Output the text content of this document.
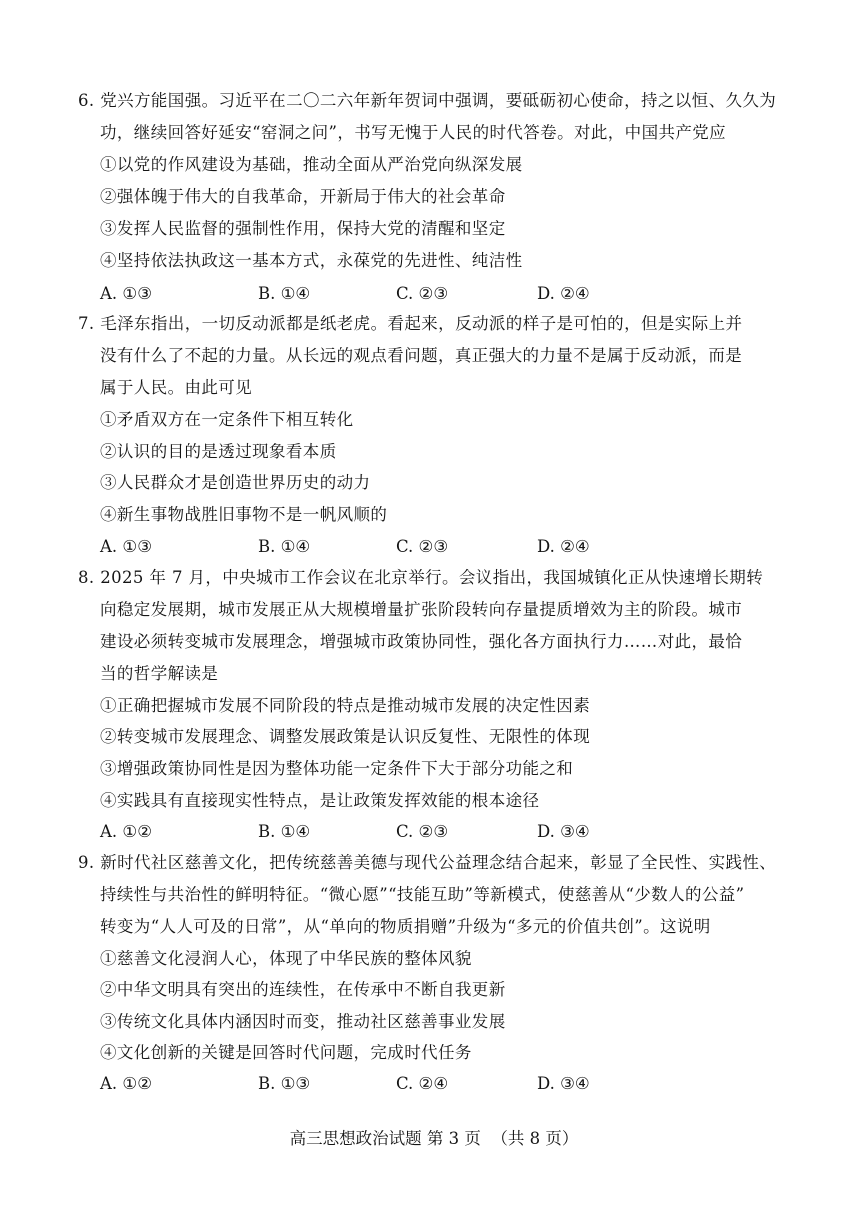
6. 党兴方能国强。习近平在二〇二六年新年贺词中强调，要砥砺初心使命，持之以恒、久久为
功，继续回答好延安“窑洞之问”，书写无愧于人民的时代答卷。对此，中国共产党应
①以党的作风建设为基础，推动全面从严治党向纵深发展
②强体魄于伟大的自我革命，开新局于伟大的社会革命
③发挥人民监督的强制性作用，保持大党的清醒和坚定
④坚持依法执政这一基本方式，永葆党的先进性、纯洁性
A. ①③	B. ①④	C. ②③	D. ②④
7. 毛泽东指出，一切反动派都是纸老虎。看起来，反动派的样子是可怕的，但是实际上并
没有什么了不起的力量。从长远的观点看问题，真正强大的力量不是属于反动派，而是
属于人民。由此可见
①矛盾双方在一定条件下相互转化
②认识的目的是透过现象看本质
③人民群众才是创造世界历史的动力
④新生事物战胜旧事物不是一帆风顺的
A. ①③	B. ①④	C. ②③	D. ②④
8. 2025 年 7 月，中央城市工作会议在北京举行。会议指出，我国城镇化正从快速增长期转
向稳定发展期，城市发展正从大规模增量扩张阶段转向存量提质增效为主的阶段。城市
建设必须转变城市发展理念，增强城市政策协同性，强化各方面执行力……对此，最恰
当的哲学解读是
①正确把握城市发展不同阶段的特点是推动城市发展的决定性因素
②转变城市发展理念、调整发展政策是认识反复性、无限性的体现
③增强政策协同性是因为整体功能一定条件下大于部分功能之和
④实践具有直接现实性特点，是让政策发挥效能的根本途径
A. ①②	B. ①④	C. ②③	D. ③④
9. 新时代社区慈善文化，把传统慈善美德与现代公益理念结合起来，彰显了全民性、实践性、
持续性与共治性的鲜明特征。“微心愿”“技能互助”等新模式，使慈善从“少数人的公益”
转变为“人人可及的日常”，从“单向的物质捐赠”升级为“多元的价值共创”。这说明
①慈善文化浸润人心，体现了中华民族的整体风貌
②中华文明具有突出的连续性，在传承中不断自我更新
③传统文化具体内涵因时而变，推动社区慈善事业发展
④文化创新的关键是回答时代问题，完成时代任务
A. ①②	B. ①③	C. ②④	D. ③④
高三思想政治试题 第 3 页  （共 8 页）
